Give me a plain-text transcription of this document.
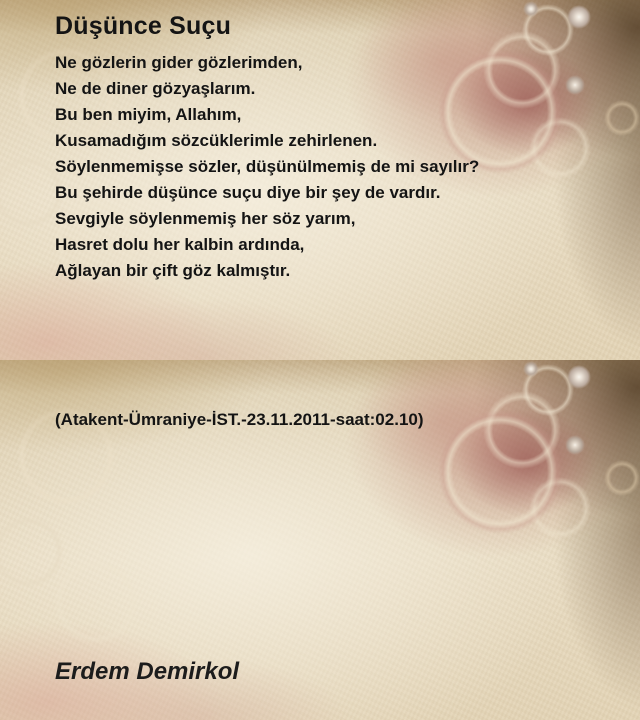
Düşünce Suçu
Ne gözlerin gider gözlerimden,
Ne de diner gözyaşlarım.
Bu ben miyim, Allahım,
Kusamadığım sözcüklerimle zehirlenen.
Söylenmemişse sözler, düşünülmemiş de mi sayılır?
Bu şehirde düşünce suçu diye bir şey de vardır.
Sevgiyle söylenmemiş her söz yarım,
Hasret dolu her kalbin ardında,
Ağlayan bir çift göz kalmıştır.
(Atakent-Ümraniye-İST.-23.11.2011-saat:02.10)
Erdem Demirkol
